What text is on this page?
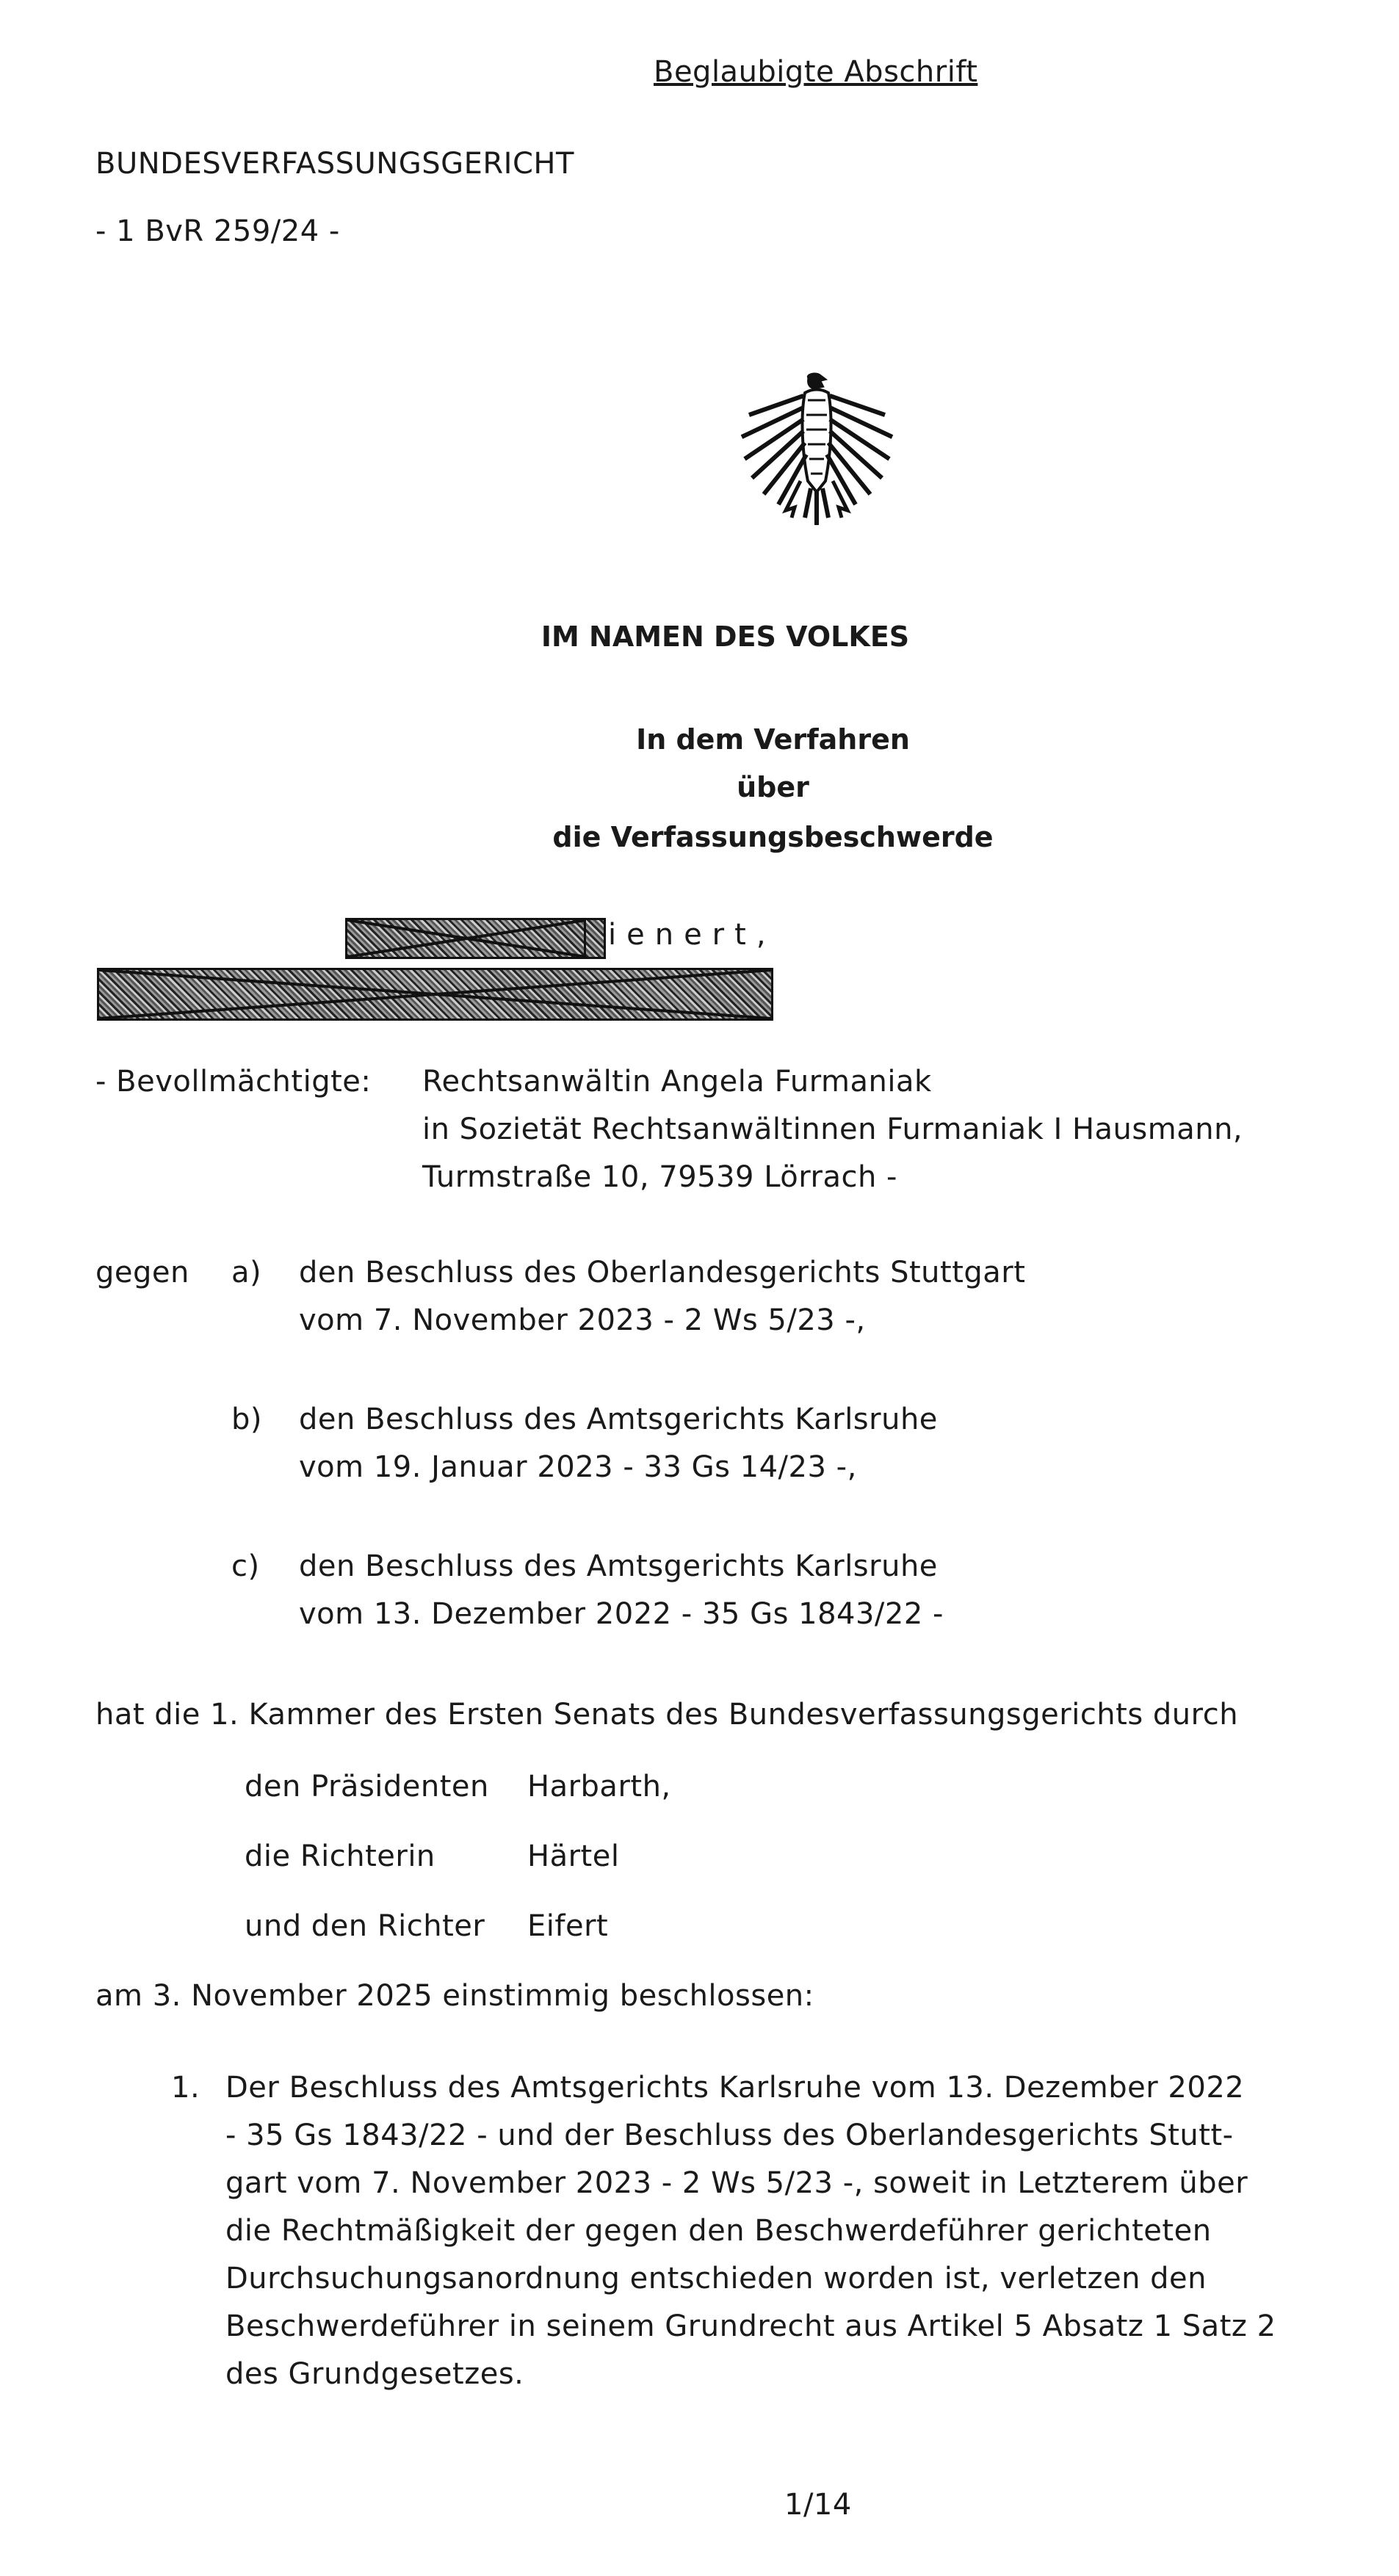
Beglaubigte Abschrift
BUNDESVERFASSUNGSGERICHT
- 1 BvR 259/24 -
IM NAMEN DES VOLKES
In dem Verfahren
über
die Verfassungsbeschwerde
ienert,
- Bevollmächtigte: Rechtsanwältin Angela Furmaniak
in Sozietät Rechtsanwältinnen Furmaniak I Hausmann,
Turmstraße 10, 79539 Lörrach -
gegen a) den Beschluss des Oberlandesgerichts Stuttgart
vom 7. November 2023 - 2 Ws 5/23 -,
b) den Beschluss des Amtsgerichts Karlsruhe
vom 19. Januar 2023 - 33 Gs 14/23 -,
c) den Beschluss des Amtsgerichts Karlsruhe
vom 13. Dezember 2022 - 35 Gs 1843/22 -
hat die 1. Kammer des Ersten Senats des Bundesverfassungsgerichts durch
den Präsidenten Harbarth,
die Richterin	Härtel
und den Richter Eifert
am 3. November 2025 einstimmig beschlossen:
1. Der Beschluss des Amtsgerichts Karlsruhe vom 13. Dezember 2022
- 35 Gs 1843/22 - und der Beschluss des Oberlandesgerichts Stutt-
gart vom 7. November 2023 - 2 Ws 5/23 -, soweit in Letzterem über
die Rechtmäßigkeit der gegen den Beschwerdeführer gerichteten
Durchsuchungsanordnung entschieden worden ist, verletzen den
Beschwerdeführer in seinem Grundrecht aus Artikel 5 Absatz 1 Satz 2
des Grundgesetzes.
1/14
